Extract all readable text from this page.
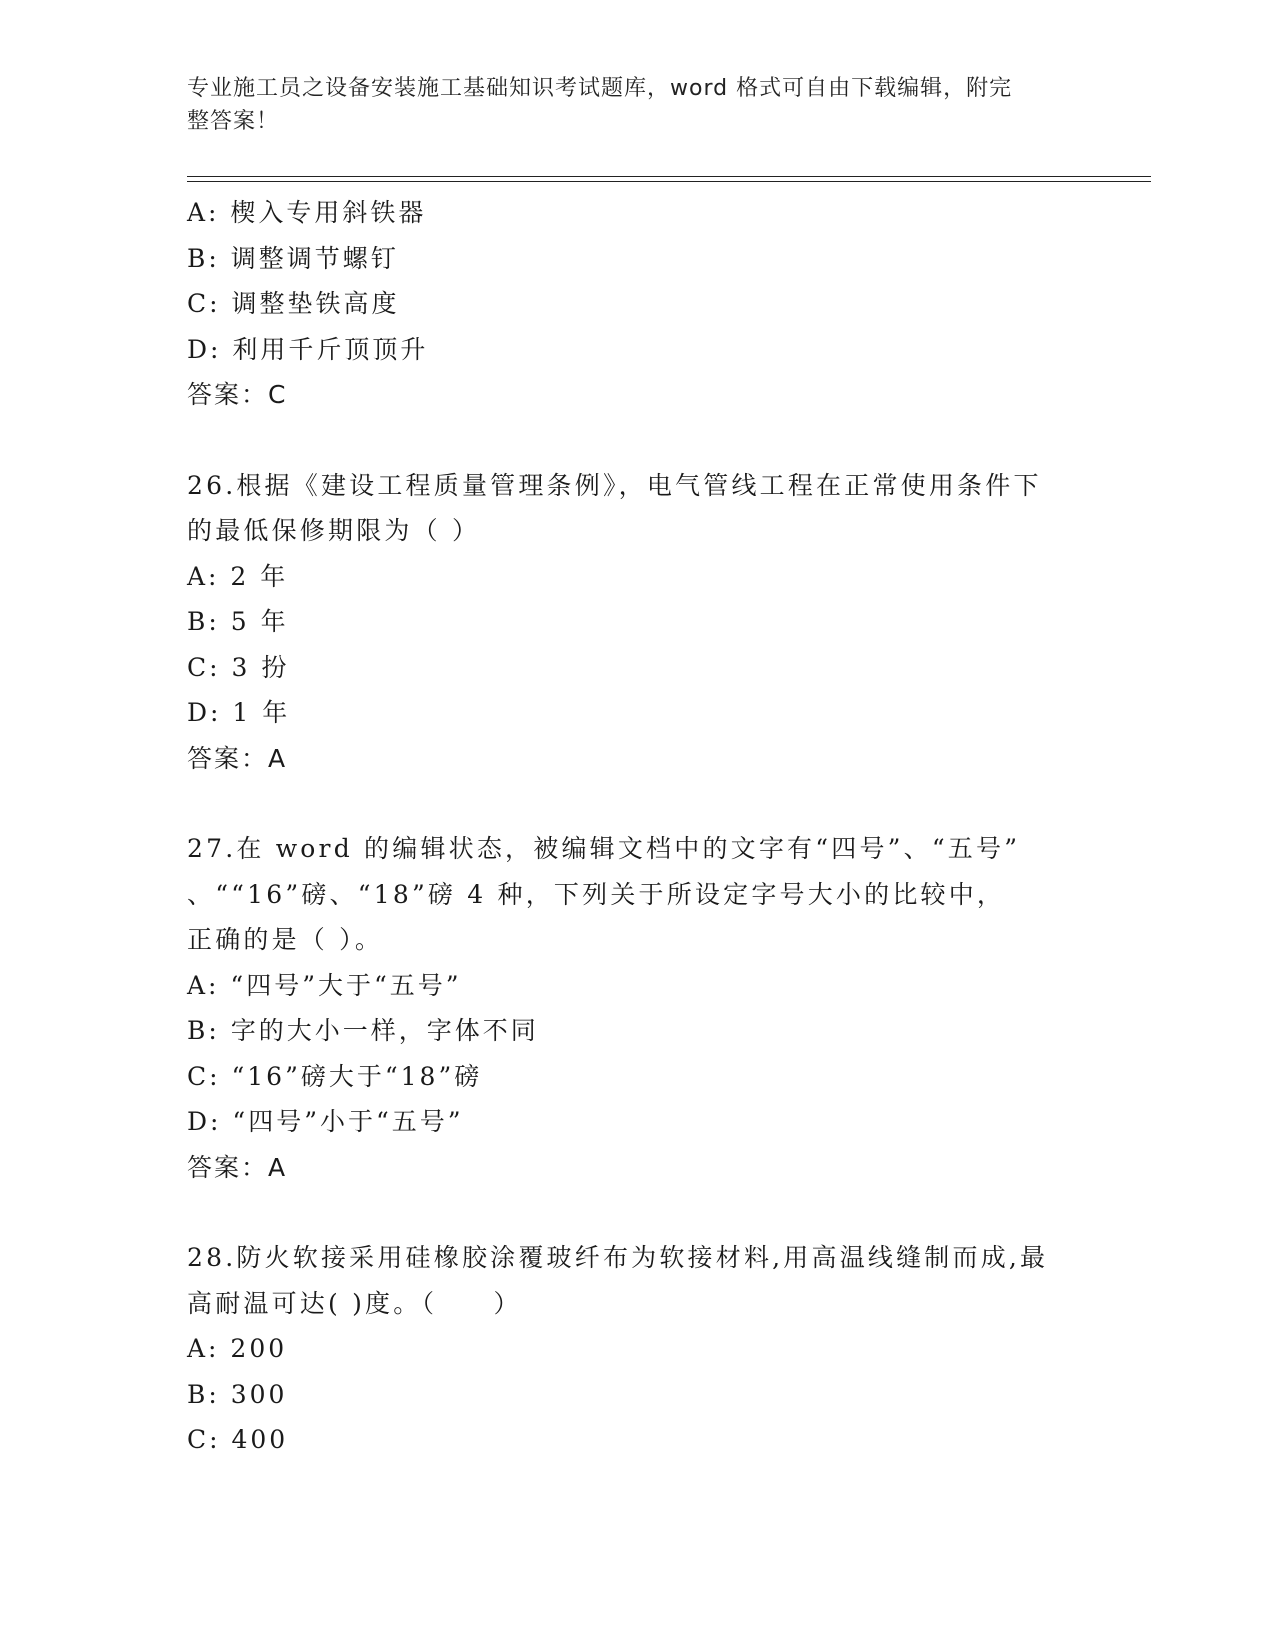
专业施工员之设备安装施工基础知识考试题库，word 格式可自由下载编辑，附完
整答案！
A: 楔入专用斜铁器
B: 调整调节螺钉
C: 调整垫铁高度
D: 利用千斤顶顶升
答案：C
26.根据《建设工程质量管理条例》，电气管线工程在正常使用条件下
的最低保修期限为（ ）
A: 2 年
B: 5 年
C: 3 扮
D: 1 年
答案：A
27.在 word 的编辑状态，被编辑文档中的文字有“四号”、“五号”
、““16”磅、“18”磅 4 种，下列关于所设定字号大小的比较中，
正确的是（ ）。
A: “四号”大于“五号”
B: 字的大小一样，字体不同
C: “16”磅大于“18”磅
D: “四号”小于“五号”
答案：A
28.防火软接采用硅橡胶涂覆玻纤布为软接材料,用高温线缝制而成,最
高耐温可达( )度。（　　）
A: 200
B: 300
C: 400
